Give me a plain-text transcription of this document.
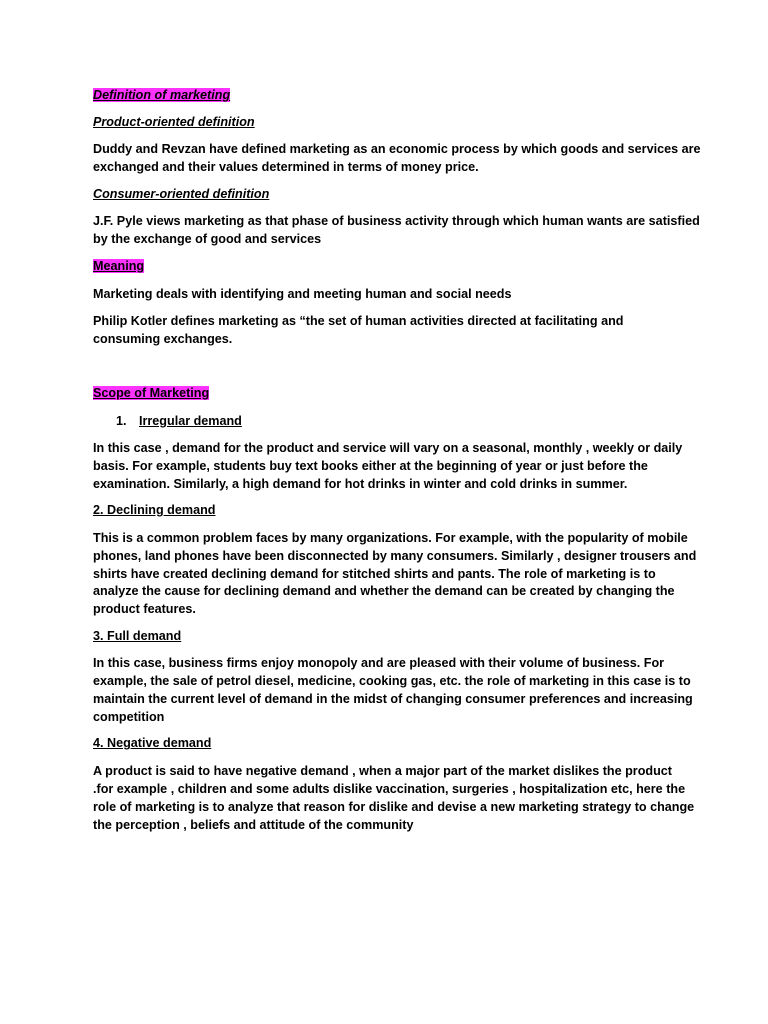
Definition of marketing
Product-oriented definition
Duddy and Revzan have defined marketing as an economic process by which goods and services are
exchanged and their values determined in terms of money price.
Consumer-oriented definition
J.F. Pyle views marketing as that phase of business activity through which human wants are satisfied
by the exchange of good and services
Meaning
Marketing deals with identifying and meeting human and social needs
Philip Kotler defines marketing as “the set of human activities directed at facilitating and
consuming exchanges.
Scope of Marketing
1. Irregular demand
In this case , demand for the product and service will vary on a seasonal, monthly , weekly or daily
basis. For example, students buy text books either at the beginning of year or just before the
examination. Similarly, a high demand for hot drinks in winter and cold drinks in summer.
2. Declining demand
This is a common problem faces by many organizations. For example, with the popularity of mobile
phones, land phones have been disconnected by many consumers. Similarly , designer trousers and
shirts have created declining demand for stitched shirts and pants. The role of marketing is to
analyze the cause for declining demand and whether the demand can be created by changing the
product features.
3. Full demand
In this case, business firms enjoy monopoly and are pleased with their volume of business. For
example, the sale of petrol diesel, medicine, cooking gas, etc. the role of marketing in this case is to
maintain the current level of demand in the midst of changing consumer preferences and increasing
competition
4. Negative demand
A product is said to have negative demand , when a major part of the market dislikes the product
.for example , children and some adults dislike vaccination, surgeries , hospitalization etc, here the
role of marketing is to analyze that reason for dislike and devise a new marketing strategy to change
the perception , beliefs and attitude of the community
